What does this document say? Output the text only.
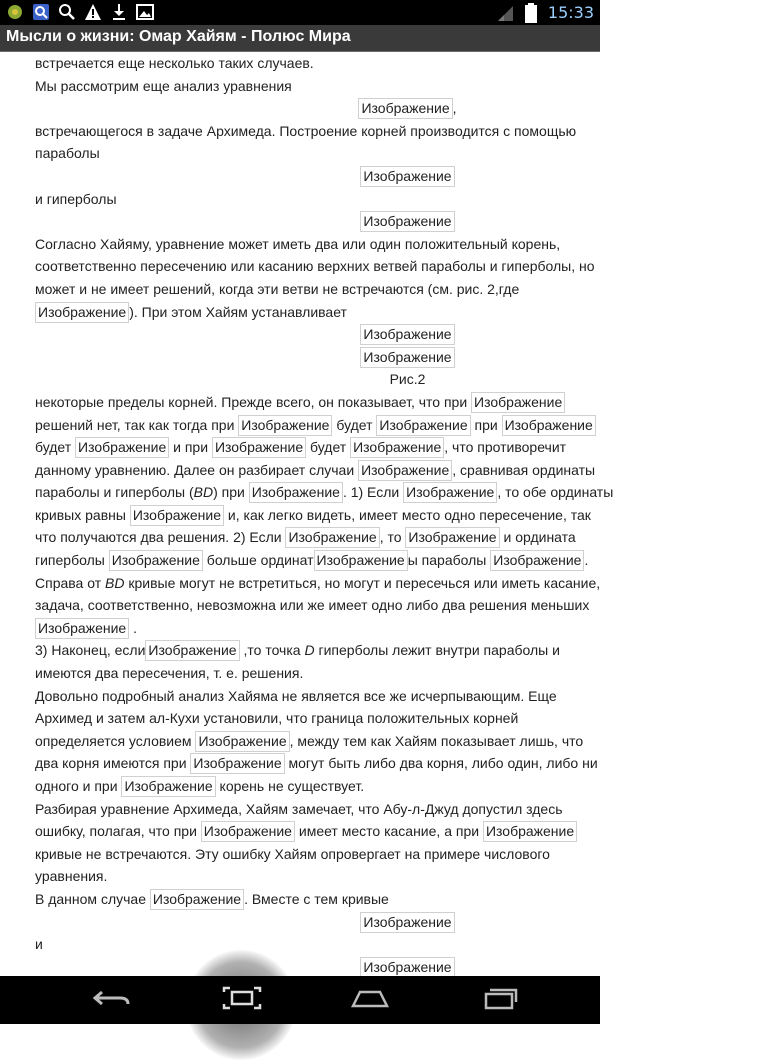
15:33
Мысли о жизни: Омар Хайям - Полюс Мира

встречается еще несколько таких случаев.

Мы рассмотрим еще анализ уравнения

Изображение ,

встречающегося в задаче Архимеда. Построение корней производится с помощью

параболы

Изображение

и гиперболы

Изображение

Согласно Хайяму, уравнение может иметь два или один положительный корень,

соответственно пересечению или касанию верхних ветвей параболы и гиперболы, но

может и не имеет решений, когда эти ветви не встречаются (см. рис. 2,где

Изображение ). При этом Хайям устанавливает

Изображение

Изображение

Рис.2

некоторые пределы корней. Прежде всего, он показывает, что при Изображение

решений нет, так как тогда при Изображение будет Изображение при Изображение

будет Изображение и при Изображение будет Изображение , что противоречит

данному уравнению. Далее он разбирает случаи Изображение , сравнивая ординаты

параболы и гиперболы (BD) при Изображение . 1) Если Изображение , то обе ординаты

кривых равны Изображение и, как легко видеть, имеет место одно пересечение, так

что получаются два решения. 2) Если Изображение , то Изображение и ордината

гиперболы Изображение больше ординат Изображение ы параболы Изображение .

Справа от BD кривые могут не встретиться, но могут и пересечься или иметь касание,

задача, соответственно, невозможна или же имеет одно либо два решения меньших

Изображение .

3) Наконец, если Изображение ,то точка D гиперболы лежит внутри параболы и

имеются два пересечения, т. е. решения.

Довольно подробный анализ Хайяма не является все же исчерпывающим. Еще

Архимед и затем ал-Кухи установили, что граница положительных корней

определяется условием Изображение , между тем как Хайям показывает лишь, что

два корня имеются при Изображение могут быть либо два корня, либо один, либо ни

одного и при Изображение корень не существует.

Разбирая уравнение Архимеда, Хайям замечает, что Абу-л-Джуд допустил здесь

ошибку, полагая, что при Изображение имеет место касание, а при Изображение

кривые не встречаются. Эту ошибку Хайям опровергает на примере числового

уравнения.

В данном случае Изображение . Вместе с тем кривые

Изображение

и

Изображение
